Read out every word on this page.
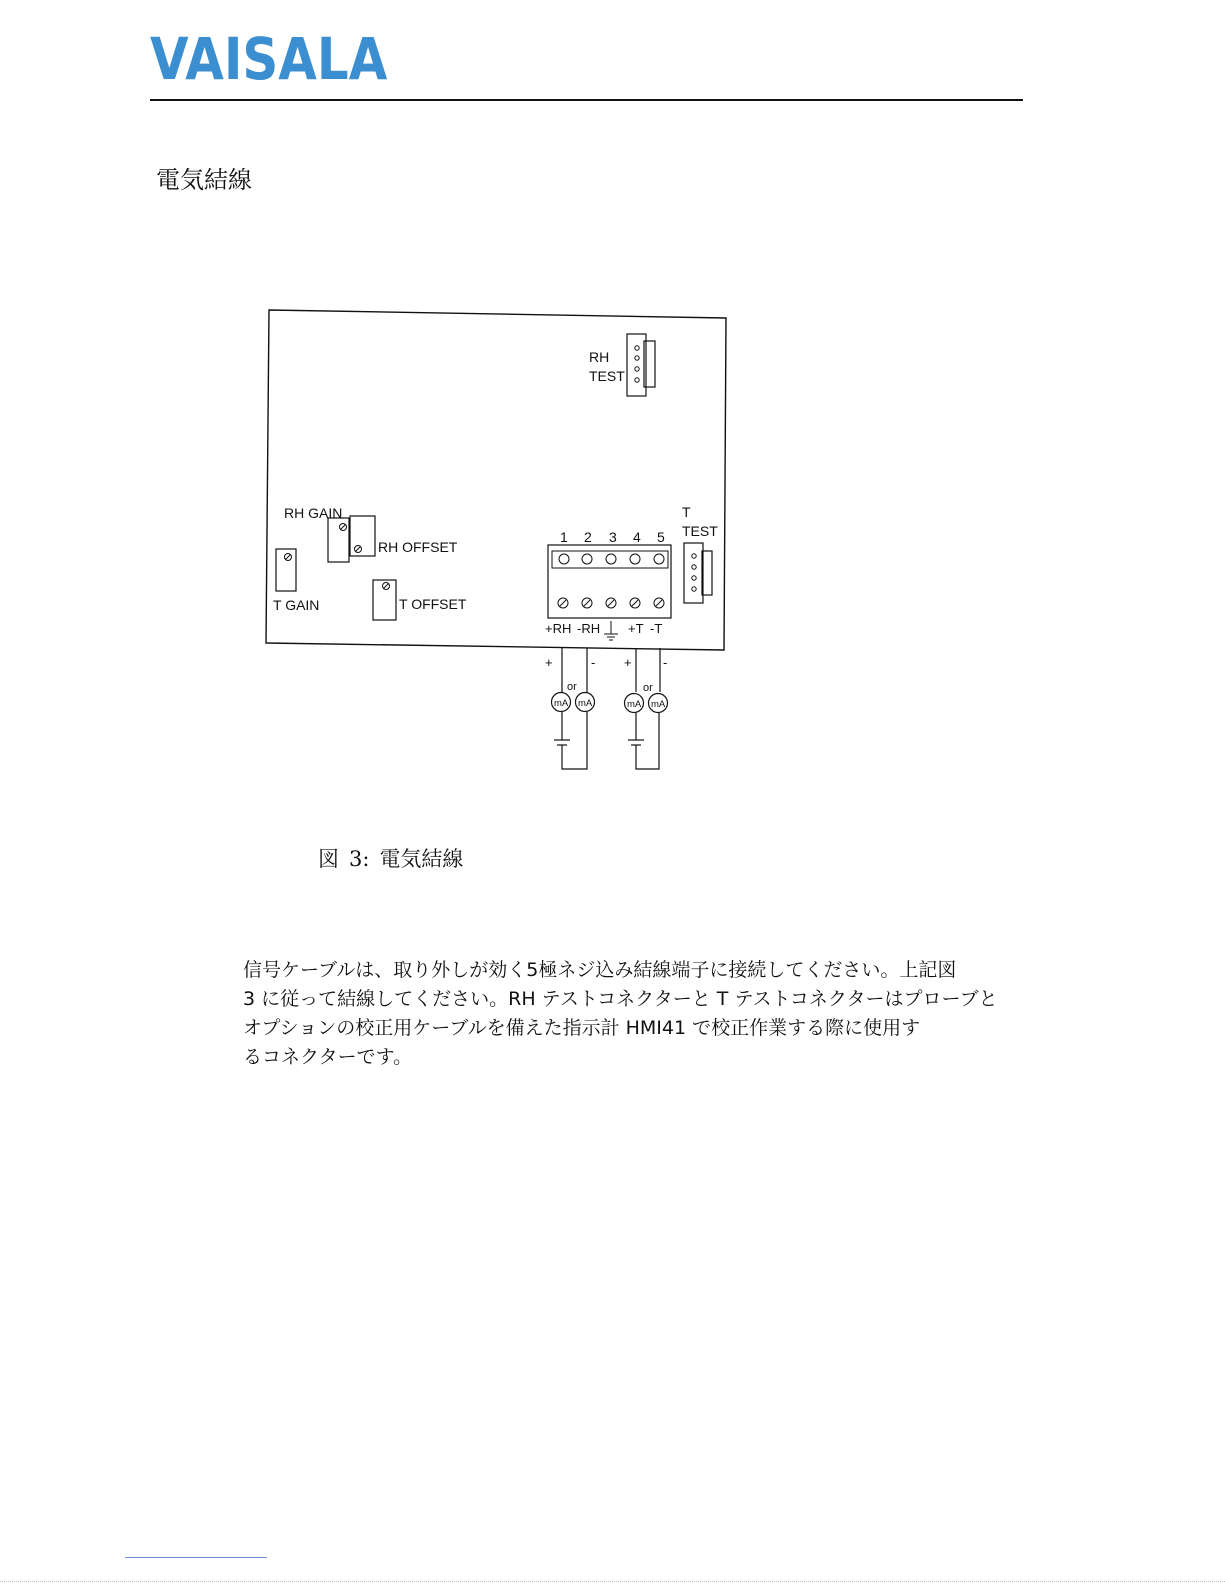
VAISALA
電気結線
RH
TEST
RH GAIN
RH OFFSET
T GAIN	T OFFSET
1 2 3 4 5
+RH -RH +T -T
T
TEST
+	-
or
mA mA
+ -
or
mA mA
図 3: 電気結線

信号ケーブルは、取り外しが効く5極ネジ込み結線端子に接続してください。上記図

3 に従って結線してください。RH テストコネクターと T テストコネクターはプローブと

オプションの校正用ケーブルを備えた指示計 HMI41 で校正作業する際に使用す

るコネクターです。
